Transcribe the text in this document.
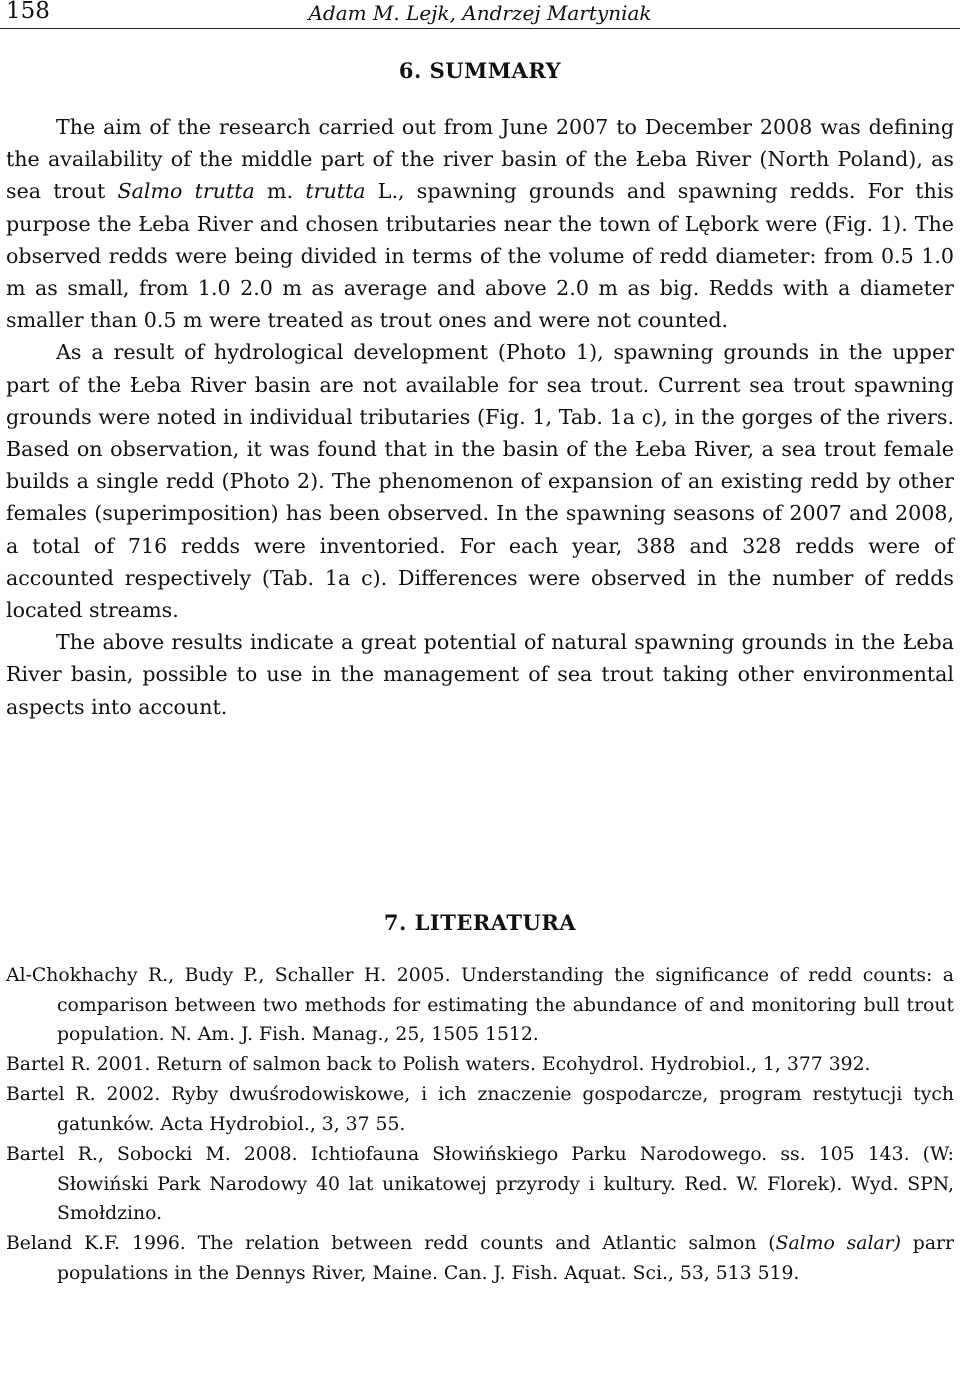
158	Adam M. Lejk, Andrzej Martyniak
6. SUMMARY

The aim of the research carried out from June 2007 to December 2008 was defining the availability of the middle part of the river basin of the Łeba River (North Poland), as sea trout Salmo trutta m. trutta L., spawning grounds and spawning redds. For this purpose the Łeba River and chosen tributaries near the town of Lębork were (Fig. 1). The observed redds were being divided in terms of the volume of redd diameter: from 0.5 1.0 m as small, from 1.0 2.0 m as average and above 2.0 m as big. Redds with a diameter smaller than 0.5 m were treated as trout ones and were not counted.

As a result of hydrological development (Photo 1), spawning grounds in the upper part of the Łeba River basin are not available for sea trout. Current sea trout spawning grounds were noted in individual tributaries (Fig. 1, Tab. 1a c), in the gorges of the rivers. Based on observation, it was found that in the basin of the Łeba River, a sea trout female builds a single redd (Photo 2). The phenomenon of expansion of an existing redd by other females (superimposition) has been observed. In the spawning seasons of 2007 and 2008, a total of 716 redds were inventoried. For each year, 388 and 328 redds were of accounted respectively (Tab. 1a c). Differences were observed in the number of redds located streams.

The above results indicate a great potential of natural spawning grounds in the Łeba River basin, possible to use in the management of sea trout taking other environmental aspects into account.

7. LITERATURA
Al-Chokhachy R., Budy P., Schaller H. 2005. Understanding the significance of redd counts: a comparison between two methods for estimating the abundance of and monitoring bull trout population. N. Am. J. Fish. Manag., 25, 1505 1512.
Bartel R. 2001. Return of salmon back to Polish waters. Ecohydrol. Hydrobiol., 1, 377 392.
Bartel R. 2002. Ryby dwuśrodowiskowe, i ich znaczenie gospodarcze, program restytucji tych gatunków. Acta Hydrobiol., 3, 37 55.
Bartel R., Sobocki M. 2008. Ichtiofauna Słowińskiego Parku Narodowego. ss. 105 143. (W: Słowiński Park Narodowy 40 lat unikatowej przyrody i kultury. Red. W. Florek). Wyd. SPN, Smołdzino.
Beland K.F. 1996. The relation between redd counts and Atlantic salmon (Salmo salar) parr populations in the Dennys River, Maine. Can. J. Fish. Aquat. Sci., 53, 513 519.
